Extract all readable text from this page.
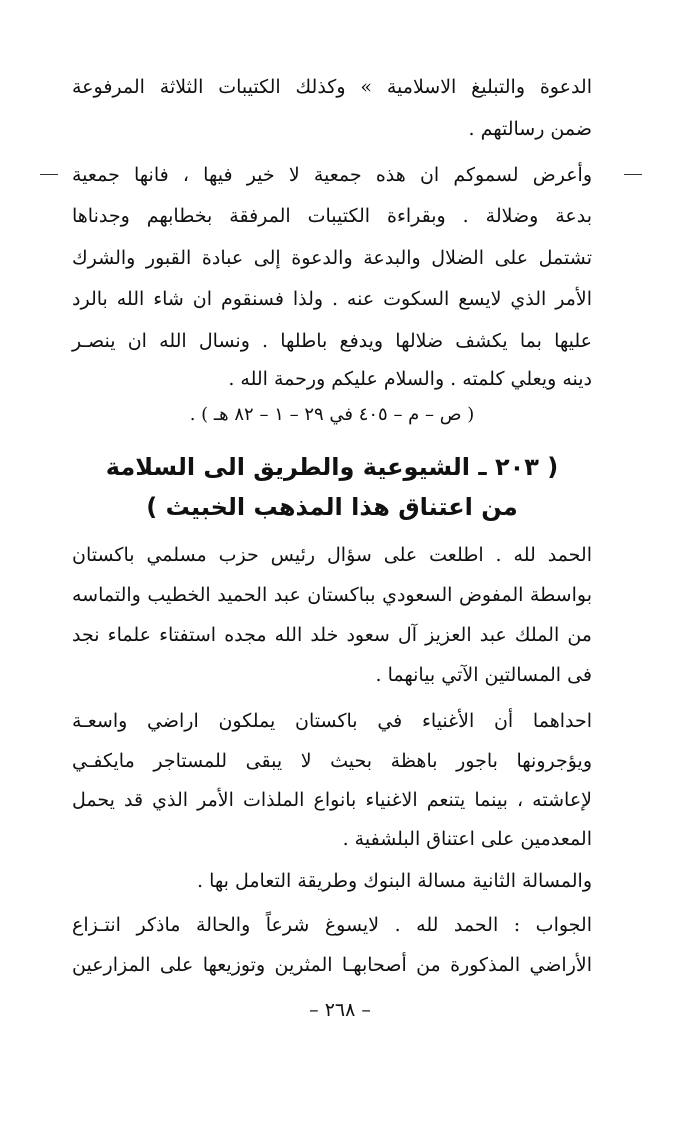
الدعوة والتبليغ الاسلامية » وكذلك الكتيبات الثلاثة المرفوعة
ضمن رسالتهم .
وأعرض لسموكم ان هذه جمعية لا خير فيها ، فانها جمعية
بدعة وضلالة . وبقراءة الكتيبات المرفقة بخطابهم وجدناها
تشتمل على الضلال والبدعة والدعوة إلى عبادة القبور والشرك
الأمر الذي لايسع السكوت عنه . ولذا فسنقوم ان شاء الله بالرد
عليها بما يكشف ضلالها ويدفع باطلها . ونسال الله ان ينصـر
دينه ويعلي كلمته . والسلام عليكم ورحمة الله .
( ص – م – ٤٠٥ في ٢٩ – ١ – ٨٢ هـ ) .
( ٢٠٣ ـ الشيوعية والطريق الى السلامة
من اعتناق هذا المذهب الخبيث )
الحمد لله . اطلعت على سؤال رئيس حزب مسلمي باكستان
بواسطة المفوض السعودي بباكستان عبد الحميد الخطيب والتماسه
من الملك عبد العزيز آل سعود خلد الله مجده استفتاء علماء نجد
فى المسالتين الآتي بيانهما .
احداهما أن الأغنياء في باكستان يملكون اراضي واسعـة
ويؤجرونها باجور باهظة بحيث لا يبقى للمستاجر مايكفـي
لإعاشته ، بينما يتنعم الاغنياء بانواع الملذات الأمر الذي قد يحمل
المعدمين على اعتناق البلشفية .
والمسالة الثانية مسالة البنوك وطريقة التعامل بها .
الجواب : الحمد لله . لايسوغ شرعاً والحالة ماذكر انتـزاع
الأراضي المذكورة من أصحابهـا المثرين وتوزيعها على المزارعين
– ٢٦٨ –
